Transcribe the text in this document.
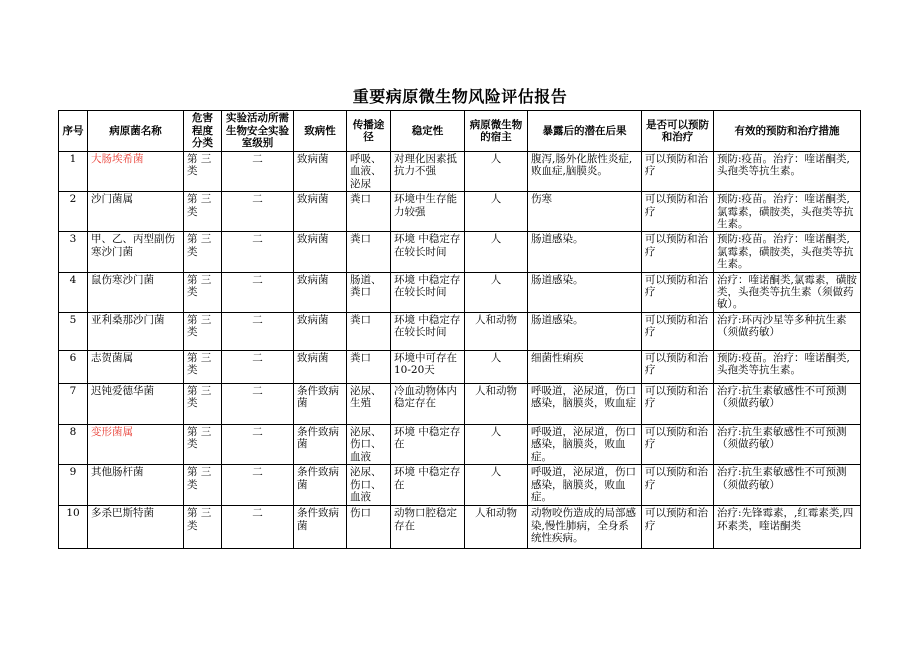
重要病原微生物风险评估报告
序号	病原菌名称	危害程度分类	实验活动所需生物安全实验室级别	致病性	传播途径	稳定性	病原微生物的宿主	暴露后的潜在后果	是否可以预防和治疗	有效的预防和治疗措施
1	大肠埃希菌	第 三 类	二	致病菌	呼吸、血液、泌尿	对理化因素抵抗力不强	人	腹泻,肠外化脓性炎症,败血症,脑膜炎。	可以预防和治疗	预防:疫苗。治疗：喹诺酮类,头孢类等抗生素。
2	沙门菌属	第 三 类	二	致病菌	粪口	环境中生存能力较强	人	伤寒	可以预防和治疗	预防:疫苗。治疗：喹诺酮类,氯霉素，磺胺类，头孢类等抗生素。
3	甲、乙、丙型副伤寒沙门菌	第 三 类	二	致病菌	粪口	环境 中稳定存在较长时间	人	肠道感染。	可以预防和治疗	预防:疫苗。治疗：喹诺酮类,氯霉素，磺胺类，头孢类等抗生素。
4	鼠伤寒沙门菌	第 三 类	二	致病菌	肠道、粪口	环境 中稳定存在较长时间	人	肠道感染。	可以预防和治疗	治疗：喹诺酮类,氯霉素，磺胺类，头孢类等抗生素（须做药敏）。
5	亚利桑那沙门菌	第 三 类	二	致病菌	粪口	环境 中稳定存在较长时间	人和动物	肠道感染。	可以预防和治疗	治疗:环丙沙星等多种抗生素（须做药敏）
6	志贺菌属	第 三 类	二	致病菌	粪口	环境中可存在10-20天	人	细菌性痢疾	可以预防和治疗	预防:疫苗。治疗：喹诺酮类,头孢类等抗生素。
7	迟钝爱德华菌	第 三 类	二	条件致病菌	泌尿、生殖	冷血动物体内稳定存在	人和动物	呼吸道，泌尿道，伤口感染，脑膜炎，败血症	可以预防和治疗	治疗:抗生素敏感性不可预测（须做药敏）
8	变形菌属	第 三 类	二	条件致病菌	泌尿、伤口、血液	环境 中稳定存在	人	呼吸道，泌尿道，伤口感染，脑膜炎，败血症。	可以预防和治疗	治疗:抗生素敏感性不可预测（须做药敏）
9	其他肠杆菌	第 三 类	二	条件致病菌	泌尿、伤口、血液	环境 中稳定存在	人	呼吸道，泌尿道，伤口感染，脑膜炎，败血症。	可以预防和治疗	治疗:抗生素敏感性不可预测（须做药敏）
10	多杀巴斯特菌	第 三 类	二	条件致病菌	伤口	动物口腔稳定存在	人和动物	动物咬伤造成的局部感染,慢性肺病，全身系统性疾病。	可以预防和治疗	治疗:先锋霉素，,红霉素类,四环素类，喹诺酮类
